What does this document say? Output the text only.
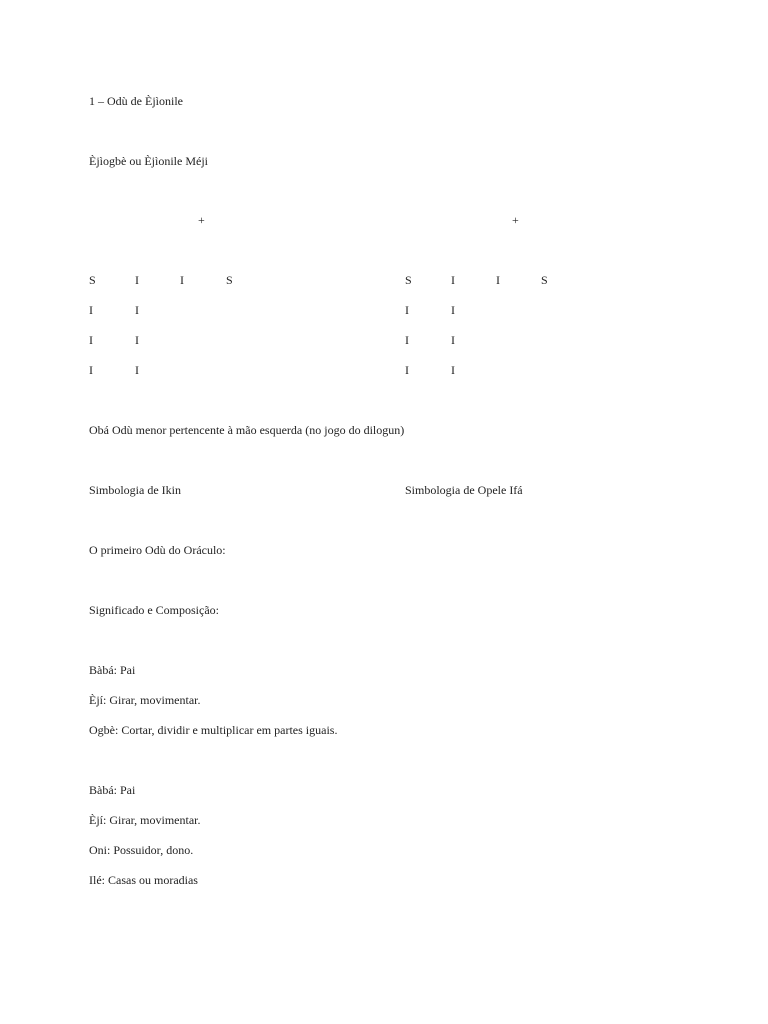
1 – Odù de Èjìonile
Èjìogbè ou Èjìonile Méji
+	+
S	I	I	S
I	I
I	I
I	I
S	I	I	S
I	I
I	I
I	I
Obá Odù menor pertencente à mão esquerda (no jogo do dilogun)
Simbologia de Ikin	Simbologia de Opele Ifá
O primeiro Odù do Oráculo:
Significado e Composição:
Bàbá: Pai
Èjí: Girar, movimentar.
Ogbè: Cortar, dividir e multiplicar em partes iguais.
Bàbá: Pai
Èjí: Girar, movimentar.
Oni: Possuidor, dono.
Ilé: Casas ou moradias
